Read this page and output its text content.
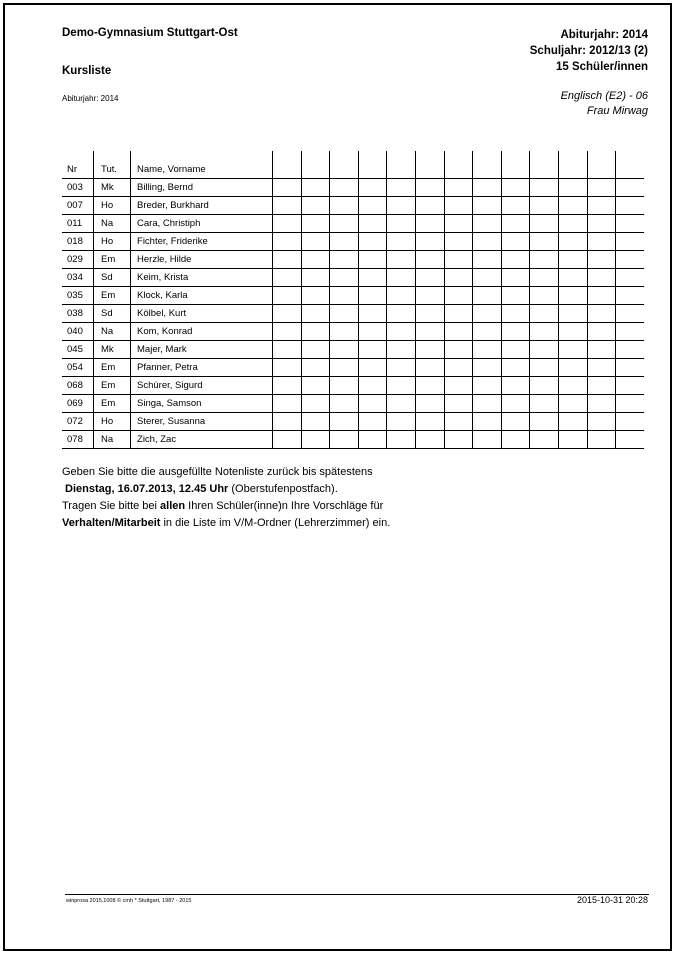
Demo-Gymnasium Stuttgart-Ost
Kursliste
Abiturjahr: 2014
Abiturjahr: 2014
Schuljahr: 2012/13 (2)
15 Schüler/innen
Englisch (E2) - 06
Frau Mirwag
Nr	Tut.	Name, Vorname													
003	Mk	Billing, Bernd													
007	Ho	Breder, Burkhard													
011	Na	Cara, Christiph													
018	Ho	Fichter, Friderike													
029	Em	Herzle, Hilde													
034	Sd	Keim, Krista													
035	Em	Klock, Karla													
038	Sd	Kölbel, Kurt													
040	Na	Kom, Konrad													
045	Mk	Majer, Mark													
054	Em	Pfanner, Petra													
068	Em	Schürer, Sigurd													
069	Em	Singa, Samson													
072	Ho	Sterer, Susanna													
078	Na	Zich, Zac													
Geben Sie bitte die ausgefüllte Notenliste zurück bis spätestens
Dienstag, 16.07.2013, 12.45 Uhr (Oberstufenpostfach).
Tragen Sie bitte bei allen Ihren Schüler(inne)n Ihre Vorschläge für
Verhalten/Mitarbeit in die Liste im V/M-Ordner (Lehrerzimmer) ein.
winprosa 2015.1008 © cmh * Stuttgart, 1987 - 2015	2015-10-31 20:28
